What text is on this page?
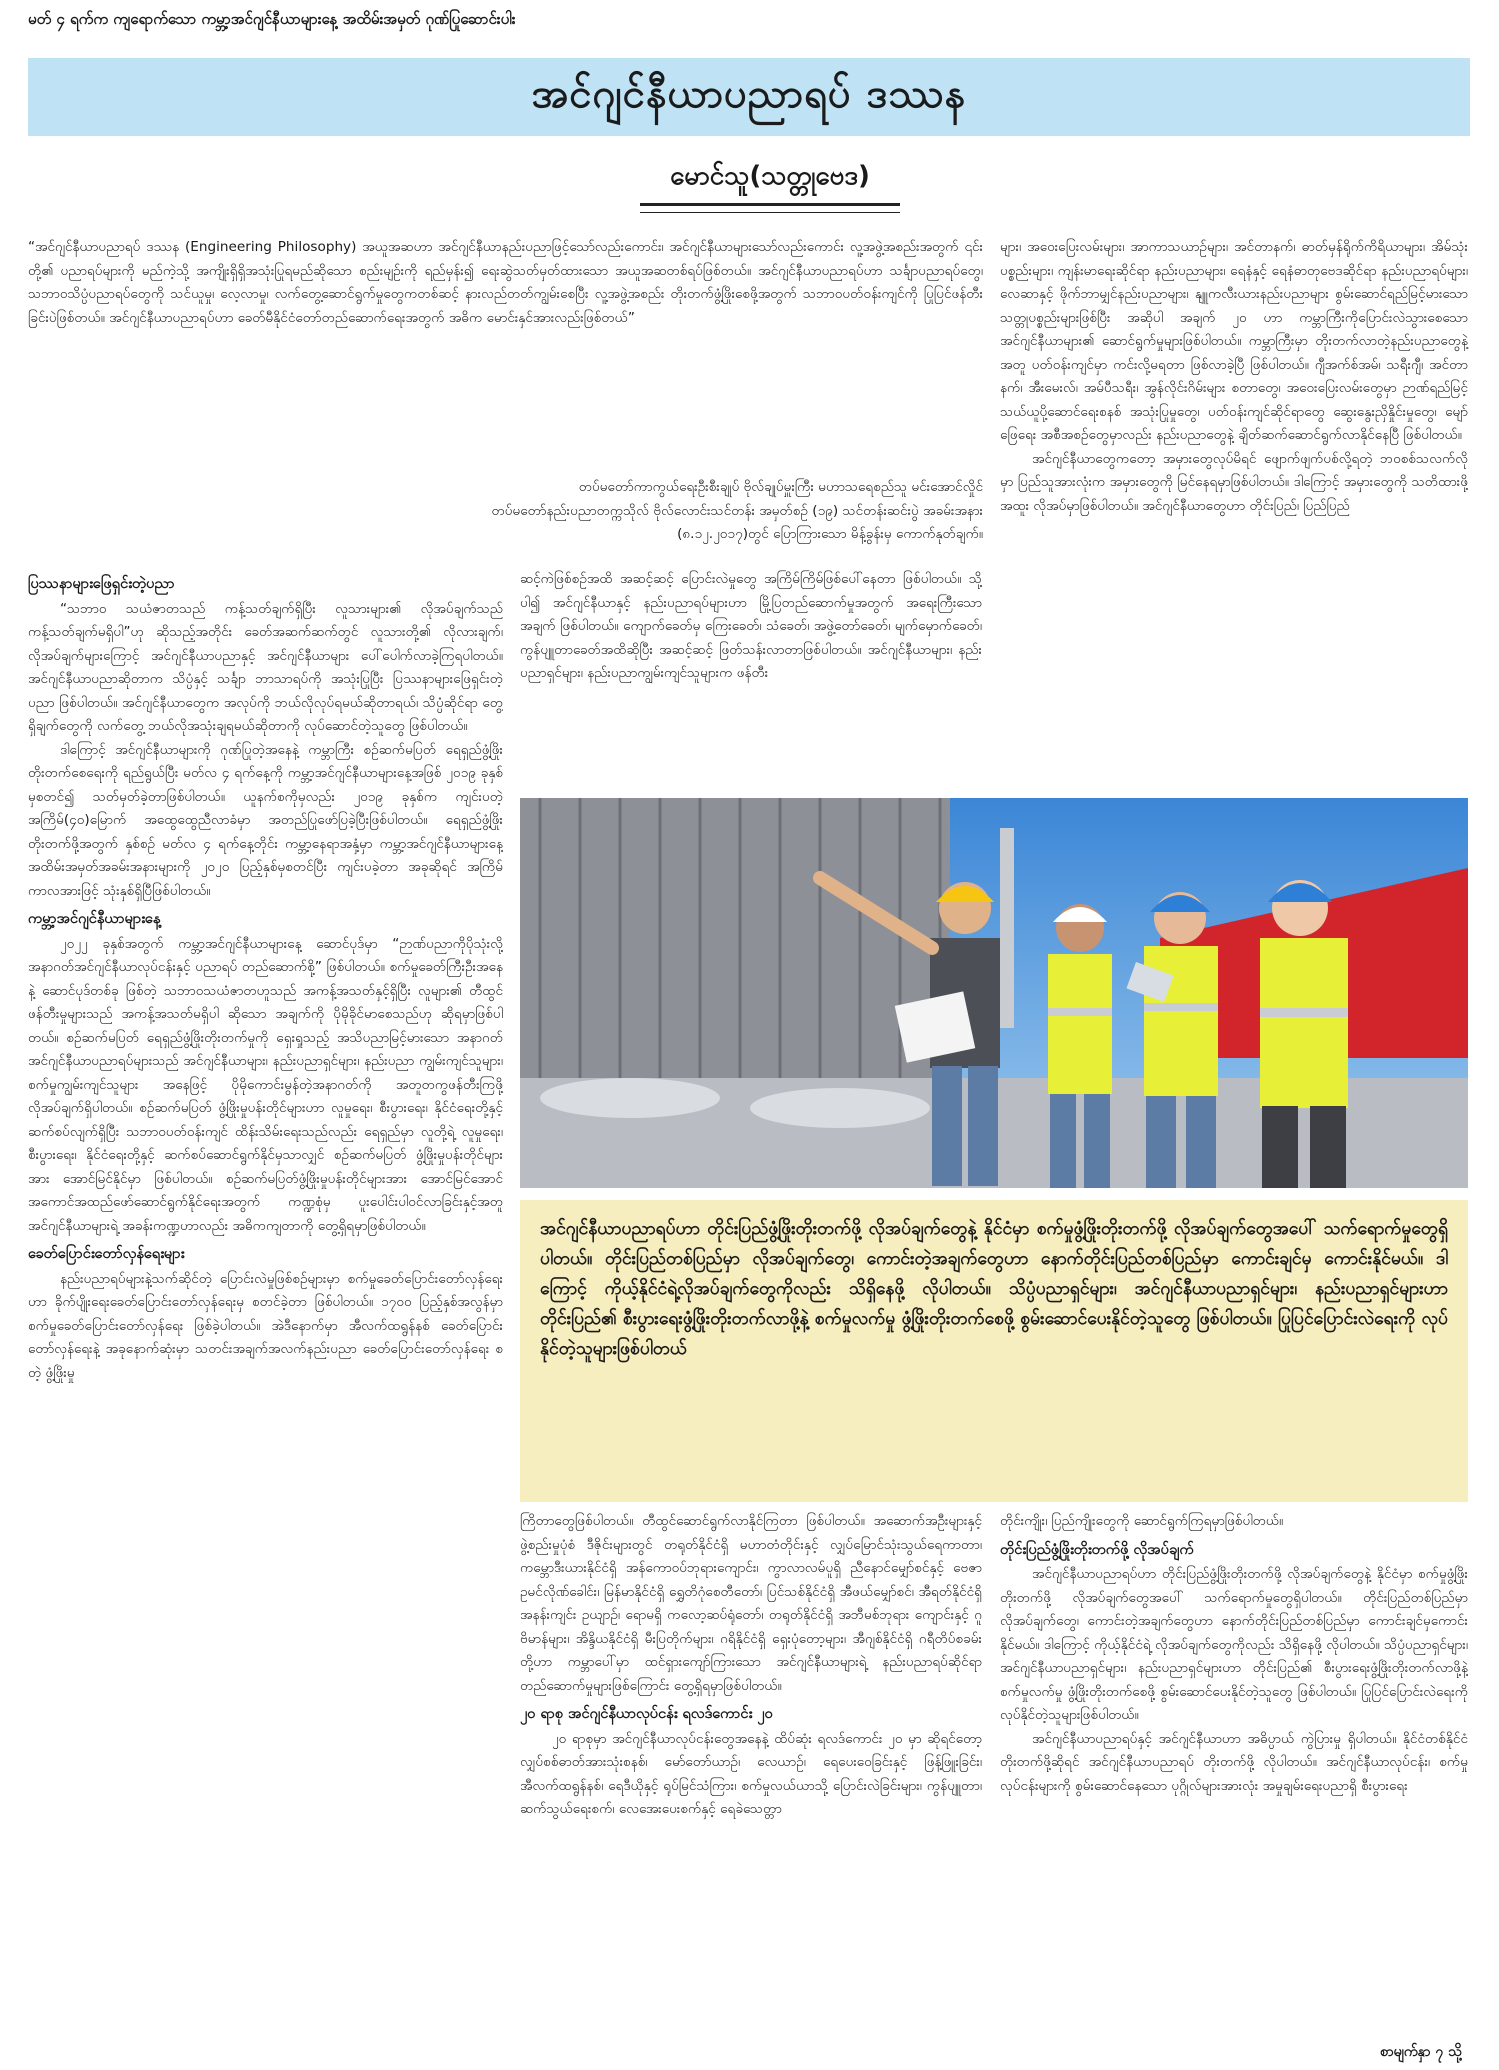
မတ် ၄ ရက်က ကျရောက်သော ကမ္ဘာ့အင်ဂျင်နီယာများနေ့ အထိမ်းအမှတ် ဂုဏ်ပြုဆောင်းပါး
အင်ဂျင်နီယာပညာရပ် ဒဿန
မောင်သူ(သတ္တုဗေဒ)

“အင်ဂျင်နီယာပညာရပ် ဒဿန (Engineering Philosophy) အယူအဆဟာ အင်ဂျင်နီယာနည်းပညာဖြင့်သော်လည်းကောင်း၊ အင်ဂျင်နီယာများသော်လည်းကောင်း လူ့အဖွဲ့အစည်းအတွက် ၎င်းတို့၏ ပညာရပ်များကို မည်ကဲ့သို့ အကျိုးရှိရှိအသုံးပြုရမည်ဆိုသော စည်းမျဉ်းကို ရည်မှန်း၍ ရေးဆွဲသတ်မှတ်ထားသော အယူအဆတစ်ရပ်ဖြစ်တယ်။ အင်ဂျင်နီယာပညာရပ်ဟာ သင်္ချာပညာရပ်တွေ၊ သဘာဝသိပ္ပံပညာရပ်တွေကို သင်ယူမှု၊ လေ့လာမှု၊ လက်တွေ့ဆောင်ရွက်မှုတွေကတစ်ဆင့် နားလည်တတ်ကျွမ်းစေပြီး လူ့အဖွဲ့အစည်း တိုးတက်ဖွံ့ဖြိုးစေဖို့အတွက် သဘာဝပတ်ဝန်းကျင်ကို ပြုပြင်ဖန်တီးခြင်းပဲဖြစ်တယ်။ အင်ဂျင်နီယာပညာရပ်ဟာ ခေတ်မီနိုင်ငံတော်တည်ဆောက်ရေးအတွက် အဓိက မောင်းနှင်အားလည်းဖြစ်တယ်”

တပ်မတော်ကာကွယ်ရေးဦးစီးချုပ် ဗိုလ်ချုပ်မှူးကြီး မဟာသရေစည်သူ မင်းအောင်လှိုင်
တပ်မတော်နည်းပညာတက္ကသိုလ် ဗိုလ်လောင်းသင်တန်း အမှတ်စဉ် (၁၉) သင်တန်းဆင်းပွဲ အခမ်းအနား
(၈.၁၂.၂၀၁၇)တွင် ပြောကြားသော မိန့်ခွန်းမှ ကောက်နုတ်ချက်။

များ၊ အဝေးပြေးလမ်းများ၊ အာကာသယာဉ်များ၊ အင်တာနက်၊ ဓာတ်မှန်ရိုက်ကိရိယာများ၊ အိမ်သုံးပစ္စည်းများ၊ ကျန်းမာရေးဆိုင်ရာ နည်းပညာများ၊ ရေနံနှင့် ရေနံဓာတုဗေဒဆိုင်ရာ နည်းပညာရပ်များ၊ လေဆာနှင့် ဖိုက်ဘာမျှင်နည်းပညာများ၊ နျူကလီးယားနည်းပညာများ စွမ်းဆောင်ရည်မြင့်မားသော သတ္တုပစ္စည်းများဖြစ်ပြီး အဆိုပါ အချက် ၂၀ ဟာ ကမ္ဘာကြီးကိုပြောင်းလဲသွားစေသော အင်ဂျင်နီယာများ၏ ဆောင်ရွက်မှုများဖြစ်ပါတယ်။ ကမ္ဘာကြီးမှာ တိုးတက်လာတဲ့နည်းပညာတွေနဲ့အတူ ပတ်ဝန်းကျင်မှာ ကင်းလို့မရတာ ဖြစ်လာခဲ့ပြီ ဖြစ်ပါတယ်။ ဂျီအက်စ်အမ်၊ သရီးဂျီ၊ အင်တာနက်၊ အီးမေးလ်၊ အမ်ပီသရီး၊ အွန်လိုင်းဂိမ်းများ စတာတွေ၊ အဝေးပြေးလမ်းတွေမှာ ဉာဏ်ရည်မြင့် သယ်ယူပို့ဆောင်ရေးစနစ် အသုံးပြုမှုတွေ၊ ပတ်ဝန်းကျင်ဆိုင်ရာတွေ ဆွေးနွေးညှိနှိုင်းမှုတွေ၊ မျော်ဖြေရေး အစီအစဉ်တွေမှာလည်း နည်းပညာတွေနဲ့ ချိတ်ဆက်ဆောင်ရွက်လာနိုင်နေပြီ ဖြစ်ပါတယ်။

အင်ဂျင်နီယာတွေကတော့ အမှားတွေလုပ်မိရင် ဖျောက်ဖျက်ပစ်လို့ရတဲ့ ဘဝစစ်သလက်လိုမှာ ပြည်သူအားလုံးက အမှားတွေကို မြင်နေရမှာဖြစ်ပါတယ်။ ဒါကြောင့် အမှားတွေကို သတိထားဖို့ အထူး လိုအပ်မှာဖြစ်ပါတယ်။ အင်ဂျင်နီယာတွေဟာ တိုင်းပြည်၊ ပြည်ပြည်

ပြဿနာများဖြေရှင်းတဲ့ပညာ

“သဘာဝ သယံဇာတသည် ကန့်သတ်ချက်ရှိပြီး လူသားများ၏ လိုအပ်ချက်သည် ကန့်သတ်ချက်မရှိပါ”ဟု ဆိုသည့်အတိုင်း ခေတ်အဆက်ဆက်တွင် လူသားတို့၏ လိုလားချက်၊ လိုအပ်ချက်များကြောင့် အင်ဂျင်နီယာပညာနှင့် အင်ဂျင်နီယာများ ပေါ်ပေါက်လာခဲ့ကြရပါတယ်။ အင်ဂျင်နီယာပညာဆိုတာက သိပ္ပံနှင့် သင်္ချာ ဘာသာရပ်ကို အသုံးပြုပြီး ပြဿနာများဖြေရှင်းတဲ့ပညာ ဖြစ်ပါတယ်။ အင်ဂျင်နီယာတွေက အလုပ်ကို ဘယ်လိုလုပ်ရမယ်ဆိုတာရယ်၊ သိပ္ပံဆိုင်ရာ တွေ့ရှိချက်တွေကို လက်တွေ့ ဘယ်လိုအသုံးချရမယ်ဆိုတာကို လုပ်ဆောင်တဲ့သူတွေ ဖြစ်ပါတယ်။

ဒါကြောင့် အင်ဂျင်နီယာများကို ဂုဏ်ပြုတဲ့အနေနဲ့ ကမ္ဘာကြီး စဉ်ဆက်မပြတ် ရေရှည်ဖွံ့ဖြိုးတိုးတက်စေရေးကို ရည်ရွယ်ပြီး မတ်လ ၄ ရက်နေ့ကို ကမ္ဘာ့အင်ဂျင်နီယာများနေ့အဖြစ် ၂၀၁၉ ခုနှစ်မှစတင်၍ သတ်မှတ်ခဲ့တာဖြစ်ပါတယ်။ ယူနက်စကိုမှလည်း ၂၀၁၉ ခုနှစ်က ကျင်းပတဲ့ အကြိမ်(၄၀)မြောက် အထွေထွေညီလာခံမှာ အတည်ပြုဖော်ပြခဲ့ပြီးဖြစ်ပါတယ်။ ရေရှည်ဖွံ့ဖြိုးတိုးတက်ဖို့အတွက် နှစ်စဉ် မတ်လ ၄ ရက်နေ့တိုင်း ကမ္ဘာ့နေရာအနှံ့မှာ ကမ္ဘာ့အင်ဂျင်နီယာများနေ့ အထိမ်းအမှတ်အခမ်းအနားများကို ၂၀၂၀ ပြည့်နှစ်မှစတင်ပြီး ကျင်းပခဲ့တာ အခုဆိုရင် အကြိမ်ကာလအားဖြင့် သုံးနှစ်ရှိပြီဖြစ်ပါတယ်။

ကမ္ဘာ့အင်ဂျင်နီယာများနေ့

၂၀၂၂ ခုနှစ်အတွက် ကမ္ဘာ့အင်ဂျင်နီယာများနေ့ ဆောင်ပုဒ်မှာ “ဉာဏ်ပညာကိုပိုသုံးလို့ အနာဂတ်အင်ဂျင်နီယာလုပ်ငန်းနှင့် ပညာရပ် တည်ဆောက်စို့” ဖြစ်ပါတယ်။ စက်မှုခေတ်ကြီးဦးအနေနဲ့ ဆောင်ပုဒ်တစ်ခု ဖြစ်တဲ့ သဘာဝသယံဇာတဟူသည် အကန့်အသတ်နှင့်ရှိပြီး လူများ၏ တီထွင်ဖန်တီးမှုများသည် အကန့်အသတ်မရှိပါ ဆိုသော အချက်ကို ပိုမိုခိုင်မာစေသည်ဟု ဆိုရမှာဖြစ်ပါတယ်။ စဉ်ဆက်မပြတ် ရေရှည်ဖွံ့ဖြိုးတိုးတက်မှုကို ရှေးရှုသည့် အသိပညာမြင့်မားသော အနာဂတ်အင်ဂျင်နီယာပညာရပ်များသည် အင်ဂျင်နီယာများ၊ နည်းပညာရှင်များ၊ နည်းပညာ ကျွမ်းကျင်သူများ၊ စက်မှုကျွမ်းကျင်သူများ အနေဖြင့် ပိုမိုကောင်းမွန်တဲ့အနာဂတ်ကို အတူတကွဖန်တီးကြဖို့ လိုအပ်ချက်ရှိပါတယ်။ စဉ်ဆက်မပြတ် ဖွံ့ဖြိုးမှုပန်းတိုင်များဟာ လူမှုရေး၊ စီးပွားရေး၊ နိုင်ငံရေးတို့နှင့် ဆက်စပ်လျက်ရှိပြီး သဘာဝပတ်ဝန်းကျင် ထိန်းသိမ်းရေးသည်လည်း ရေရှည်မှာ လူတို့ရဲ့ လူမှုရေး၊ စီးပွားရေး၊ နိုင်ငံရေးတို့နှင့် ဆက်စပ်ဆောင်ရွက်နိုင်မှသာလျှင် စဉ်ဆက်မပြတ် ဖွံ့ဖြိုးမှုပန်းတိုင်များအား အောင်မြင်နိုင်မှာ ဖြစ်ပါတယ်။ စဉ်ဆက်မပြတ်ဖွံ့ဖြိုးမှုပန်းတိုင်များအား အောင်မြင်အောင် အကောင်အထည်ဖော်ဆောင်ရွက်နိုင်ရေးအတွက် ကဏ္ဍစုံမှ ပူးပေါင်းပါဝင်လာခြင်းနှင့်အတူ အင်ဂျင်နီယာများရဲ့ အခန်းကဏ္ဍဟာလည်း အဓိကကျတာကို တွေ့ရှိရမှာဖြစ်ပါတယ်။

ခေတ်ပြောင်းတော်လှန်ရေးများ

နည်းပညာရပ်များနဲ့သက်ဆိုင်တဲ့ ပြောင်းလဲမှုဖြစ်စဉ်များမှာ စက်မှုခေတ်ပြောင်းတော်လှန်ရေးဟာ ခိုက်ပျိုးရေးခေတ်ပြောင်းတော်လှန်ရေးမှ စတင်ခဲ့တာ ဖြစ်ပါတယ်။ ၁၇၀၀ ပြည့်နှစ်အလွန်မှာ စက်မှုခေတ်ပြောင်းတော်လှန်ရေး ဖြစ်ခဲ့ပါတယ်။ အဲဒီနောက်မှာ အီလက်ထရွန်နစ် ခေတ်ပြောင်းတော်လှန်ရေးနဲ့ အခုနောက်ဆုံးမှာ သတင်းအချက်အလက်နည်းပညာ ခေတ်ပြောင်းတော်လှန်ရေး စတဲ့ ဖွံ့ဖြိုးမှု

ဆင့်ကဲဖြစ်စဉ်အထိ အဆင့်ဆင့် ပြောင်းလဲမှုတွေ အကြိမ်ကြိမ်ဖြစ်ပေါ်နေတာ ဖြစ်ပါတယ်။ သို့ပါ၍ အင်ဂျင်နီယာနှင့် နည်းပညာရပ်များဟာ မြို့ပြတည်ဆောက်မှုအတွက် အရေးကြီးသောအချက် ဖြစ်ပါတယ်။ ကျောက်ခေတ်မှ ကြေးခေတ်၊ သံခေတ်၊ အဖွဲ့တော်ခေတ်၊ မျက်မှောက်ခေတ်၊ ကွန်ပျူတာခေတ်အထိဆိုပြီး အဆင့်ဆင့် ဖြတ်သန်းလာတာဖြစ်ပါတယ်။ အင်ဂျင်နီယာများ၊ နည်းပညာရှင်များ၊ နည်းပညာကျွမ်းကျင်သူများက ဖန်တီး

အင်ဂျင်နီယာပညာရပ်ဟာ တိုင်းပြည်ဖွံ့ဖြိုးတိုးတက်ဖို့ လိုအပ်ချက်တွေနဲ့ နိုင်ငံမှာ စက်မှုဖွံ့ဖြိုးတိုးတက်ဖို့ လိုအပ်ချက်တွေအပေါ် သက်ရောက်မှုတွေရှိပါတယ်။ တိုင်းပြည်တစ်ပြည်မှာ လိုအပ်ချက်တွေ၊ ကောင်းတဲ့အချက်တွေဟာ နောက်တိုင်းပြည်တစ်ပြည်မှာ ကောင်းချင်မှ ကောင်းနိုင်မယ်။ ဒါကြောင့် ကိုယ့်နိုင်ငံရဲ့လိုအပ်ချက်တွေကိုလည်း သိရှိနေဖို့ လိုပါတယ်။ သိပ္ပံပညာရှင်များ၊ အင်ဂျင်နီယာပညာရှင်များ၊ နည်းပညာရှင်များဟာ တိုင်းပြည်၏ စီးပွားရေးဖွံ့ဖြိုးတိုးတက်လာဖို့နဲ့ စက်မှုလက်မှု ဖွံ့ဖြိုးတိုးတက်စေဖို့ စွမ်းဆောင်ပေးနိုင်တဲ့သူတွေ ဖြစ်ပါတယ်။ ပြုပြင်ပြောင်းလဲရေးကို လုပ်နိုင်တဲ့သူများဖြစ်ပါတယ်

ကြိတာတွေဖြစ်ပါတယ်။ တီထွင်ဆောင်ရွက်လာနိုင်ကြတာ ဖြစ်ပါတယ်။ အဆောက်အဦးများနှင့် ဖွဲ့စည်းမှုပုံစံ ဒီဇိုင်းများတွင် တရုတ်နိုင်ငံရှိ မဟာတံတိုင်းနှင့် လျှပ်မြောင်သုံးသွယ်ရေကာတာ၊ ကမ္ဘောဒီးယားနိုင်ငံရှိ အန်ကောဝပ်ဘုရားကျောင်း၊ ကွာလာလမ်ပူရှိ ညီနောင်မျှော်စင်နှင့် ဗေဇာဥမင်လိုဏ်ခေါင်း၊ မြန်မာနိုင်ငံရှိ ရွှေတိဂုံစေတီတော်၊ ပြင်သစ်နိုင်ငံရှိ အီဖယ်မျှော်စင်၊ အီရတ်နိုင်ငံရှိ အနန်းကျင်း ဥယျာဉ်၊ ရောမရှိ ကလော့ဆပ်ရုံတော်၊ တရုတ်နိုင်ငံရှိ အဘီမစ်ဘုရား ကျောင်းနှင့် ဂူဗိမာန်များ၊ အိန္ဒိယနိုင်ငံရှိ မီးပြတိုက်များ၊ ဂရိနိုင်ငံရှိ ရှေးပုံတော့များ၊ အီဂျစ်နိုင်ငံရှိ ဂရီတိပ်စခမ်း တို့ဟာ ကမ္ဘာပေါ်မှာ ထင်ရှားကျော်ကြားသော အင်ဂျင်နီယာများရဲ့ နည်းပညာရပ်ဆိုင်ရာ တည်ဆောက်မှုများဖြစ်ကြောင်း တွေ့ရှိရမှာဖြစ်ပါတယ်။

၂၀ ရာစု အင်ဂျင်နီယာလုပ်ငန်း ရလဒ်ကောင်း ၂၀

၂၀ ရာစုမှာ အင်ဂျင်နီယာလုပ်ငန်းတွေအနေနဲ့ ထိပ်ဆုံး ရလဒ်ကောင်း ၂၀ မှာ ဆိုရင်တော့ လျှပ်စစ်ဓာတ်အားသုံးစနစ်၊ မော်တော်ယာဉ်၊ လေယာဉ်၊ ရေပေးဝေခြင်းနှင့် ဖြန့်ဖြူးခြင်း၊ အီလက်ထရွန်နစ်၊ ရေဒီယိုနှင့် ရုပ်မြင်သံကြား၊ စက်မှုလယ်ယာသို့ ပြောင်းလဲခြင်းများ၊ ကွန်ပျူတာ၊ ဆက်သွယ်ရေးစက်၊ လေအေးပေးစက်နှင့် ရေခဲသေတ္တာ

တိုင်းကျိုး၊ ပြည်ကျိုးတွေကို ဆောင်ရွက်ကြရမှာဖြစ်ပါတယ်။

တိုင်းပြည်ဖွံ့ဖြိုးတိုးတက်ဖို့ လိုအပ်ချက်

အင်ဂျင်နီယာပညာရပ်ဟာ တိုင်းပြည်ဖွံ့ဖြိုးတိုးတက်ဖို့ လိုအပ်ချက်တွေနဲ့ နိုင်ငံမှာ စက်မှုဖွံ့ဖြိုးတိုးတက်ဖို့ လိုအပ်ချက်တွေအပေါ် သက်ရောက်မှုတွေရှိပါတယ်။ တိုင်းပြည်တစ်ပြည်မှာ လိုအပ်ချက်တွေ၊ ကောင်းတဲ့အချက်တွေဟာ နောက်တိုင်းပြည်တစ်ပြည်မှာ ကောင်းချင်မှကောင်းနိုင်မယ်။ ဒါကြောင့် ကိုယ့်နိုင်ငံရဲ့ လိုအပ်ချက်တွေကိုလည်း သိရှိနေဖို့ လိုပါတယ်။ သိပ္ပံပညာရှင်များ၊ အင်ဂျင်နီယာပညာရှင်များ၊ နည်းပညာရှင်များဟာ တိုင်းပြည်၏ စီးပွားရေးဖွံ့ဖြိုးတိုးတက်လာဖို့နဲ့ စက်မှုလက်မှု ဖွံ့ဖြိုးတိုးတက်စေဖို့ စွမ်းဆောင်ပေးနိုင်တဲ့သူတွေ ဖြစ်ပါတယ်။ ပြုပြင်ပြောင်းလဲရေးကို လုပ်နိုင်တဲ့သူများဖြစ်ပါတယ်။

အင်ဂျင်နီယာပညာရပ်နှင့် အင်ဂျင်နီယာဟာ အဓိပ္ပာယ် ကွဲပြားမှု ရှိပါတယ်။ နိုင်ငံတစ်နိုင်ငံ တိုးတက်ဖို့ဆိုရင် အင်ဂျင်နီယာပညာရပ် တိုးတက်ဖို့ လိုပါတယ်။ အင်ဂျင်နီယာလုပ်ငန်း၊ စက်မှုလုပ်ငန်းများကို စွမ်းဆောင်နေသော ပုဂ္ဂိုလ်များအားလုံး အမှုချမ်းရေးပညာရှိ စီးပွားရေး

စာမျက်နှာ ၇ သို့
